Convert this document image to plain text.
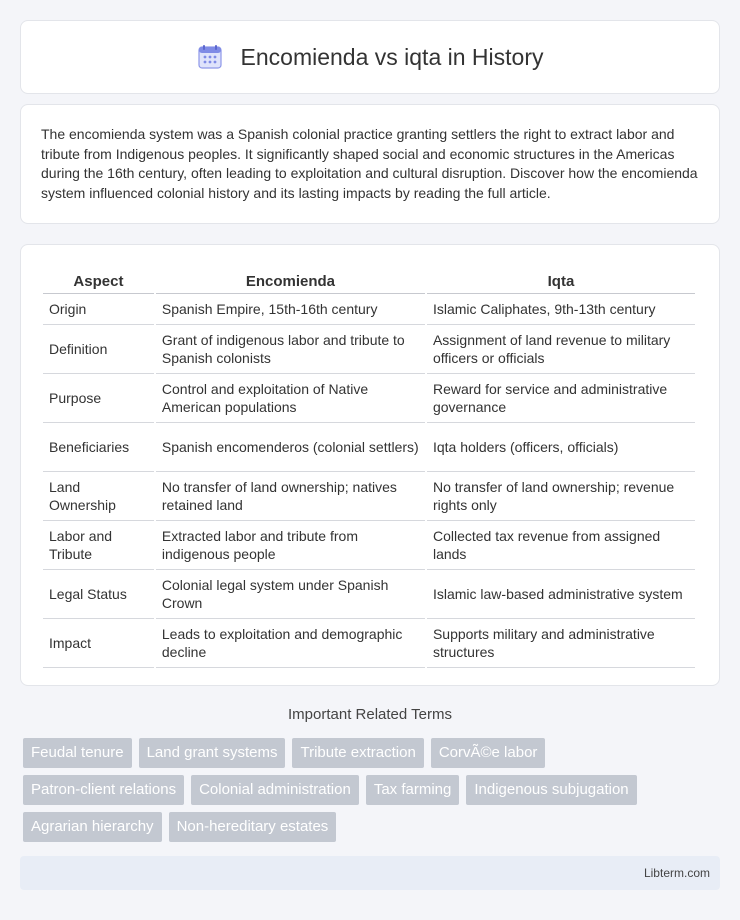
Encomienda vs iqta in History

The encomienda system was a Spanish colonial practice granting settlers the right to extract labor and tribute from Indigenous peoples. It significantly shaped social and economic structures in the Americas during the 16th century, often leading to exploitation and cultural disruption. Discover how the encomienda system influenced colonial history and its lasting impacts by reading the full article.

Aspect	Encomienda	Iqta
Origin	Spanish Empire, 15th-16th century	Islamic Caliphates, 9th-13th century
Definition	Grant of indigenous labor and tribute to Spanish colonists	Assignment of land revenue to military officers or officials
Purpose	Control and exploitation of Native American populations	Reward for service and administrative governance
Beneficiaries	Spanish encomenderos (colonial settlers)	Iqta holders (officers, officials)
Land Ownership	No transfer of land ownership; natives retained land	No transfer of land ownership; revenue rights only
Labor and Tribute	Extracted labor and tribute from indigenous people	Collected tax revenue from assigned lands
Legal Status	Colonial legal system under Spanish Crown	Islamic law-based administrative system
Impact	Leads to exploitation and demographic decline	Supports military and administrative structures
Important Related Terms
Feudal tenure	Land grant systems	Tribute extraction	CorvÃ©e labor
Patron-client relations	Colonial administration	Tax farming	Indigenous subjugation
Agrarian hierarchy	Non-hereditary estates
Libterm.com
